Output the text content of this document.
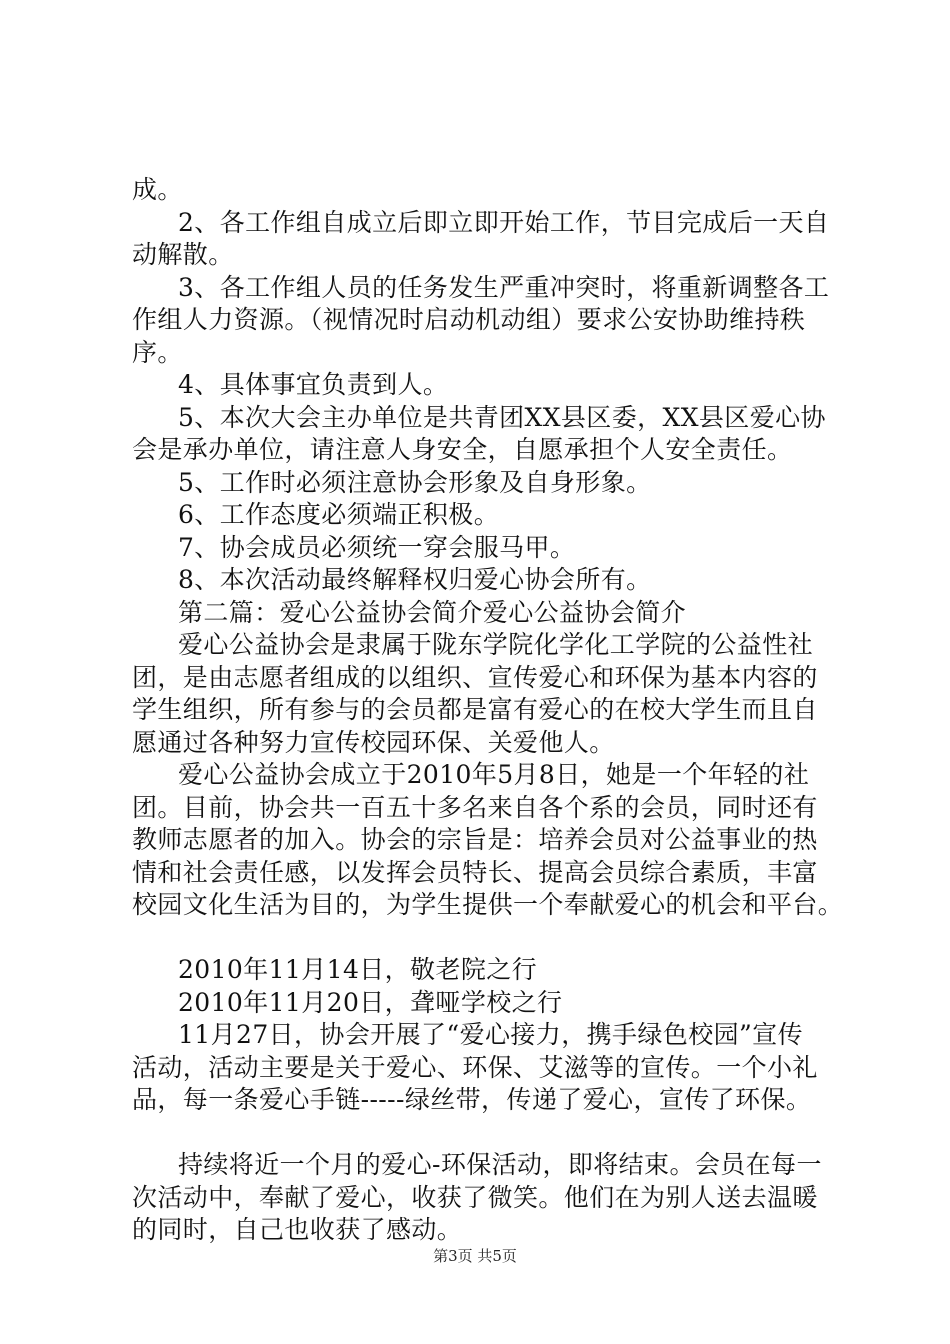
成。
2、各工作组自成立后即立即开始工作，节目完成后一天自
动解散。
3、各工作组人员的任务发生严重冲突时，将重新调整各工
作组人力资源。（视情况时启动机动组）要求公安协助维持秩
序。
4、具体事宜负责到人。
5、本次大会主办单位是共青团XX县区委，XX县区爱心协
会是承办单位，请注意人身安全，自愿承担个人安全责任。
5、工作时必须注意协会形象及自身形象。
6、工作态度必须端正积极。
7、协会成员必须统一穿会服马甲。
8、本次活动最终解释权归爱心协会所有。
第二篇：爱心公益协会简介爱心公益协会简介
爱心公益协会是隶属于陇东学院化学化工学院的公益性社
团，是由志愿者组成的以组织、宣传爱心和环保为基本内容的
学生组织，所有参与的会员都是富有爱心的在校大学生而且自
愿通过各种努力宣传校园环保、关爱他人。
爱心公益协会成立于2010年5月8日，她是一个年轻的社
团。目前，协会共一百五十多名来自各个系的会员，同时还有
教师志愿者的加入。协会的宗旨是：培养会员对公益事业的热
情和社会责任感，以发挥会员特长、提高会员综合素质，丰富
校园文化生活为目的，为学生提供一个奉献爱心的机会和平台。
2010年11月14日，敬老院之行
2010年11月20日，聋哑学校之行
11月27日，协会开展了“爱心接力，携手绿色校园”宣传
活动，活动主要是关于爱心、环保、艾滋等的宣传。一个小礼
品，每一条爱心手链-----绿丝带，传递了爱心，宣传了环保。
持续将近一个月的爱心-环保活动，即将结束。会员在每一
次活动中，奉献了爱心，收获了微笑。他们在为别人送去温暖
的同时，自己也收获了感动。
第3页 共5页
